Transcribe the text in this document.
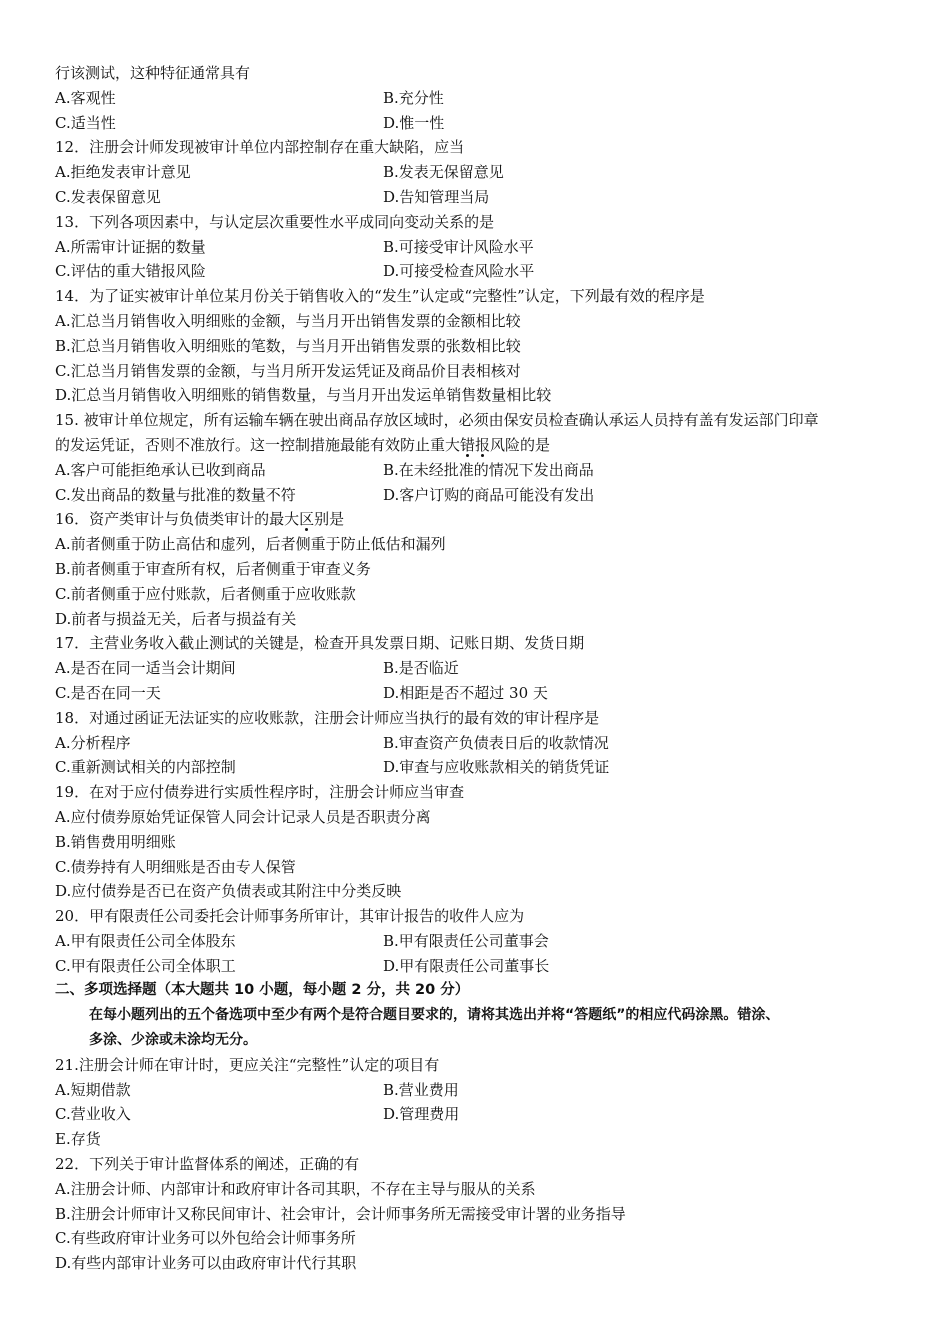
行该测试，这种特征通常具有
A.客观性	B.充分性
C.适当性	D.惟一性
12．注册会计师发现被审计单位内部控制存在重大缺陷，应当
A.拒绝发表审计意见	B.发表无保留意见
C.发表保留意见	D.告知管理当局
13．下列各项因素中，与认定层次重要性水平成同向变动关系的是
A.所需审计证据的数量	B.可接受审计风险水平
C.评估的重大错报风险	D.可接受检查风险水平
14．为了证实被审计单位某月份关于销售收入的“发生”认定或“完整性”认定，下列最有效的程序是
A.汇总当月销售收入明细账的金额，与当月开出销售发票的金额相比较
B.汇总当月销售收入明细账的笔数，与当月开出销售发票的张数相比较
C.汇总当月销售发票的金额，与当月所开发运凭证及商品价目表相核对
D.汇总当月销售收入明细账的销售数量，与当月开出发运单销售数量相比较
15. 被审计单位规定，所有运输车辆在驶出商品存放区域时，必须由保安员检查确认承运人员持有盖有发运部门印章
的发运凭证，否则不准放行。这一控制措施最能有效防止重大错报
风险的是
A.客户可能拒绝承认已收到商品	B.在未经批准的情况下发出商品
C.发出商品的数量与批准的数量不符	D.客户订购的商品可能没有发出
16．资产类审计与负债类审计的最大区
别是
A.前者侧重于防止高估和虚列，后者侧重于防止低估和漏列
B.前者侧重于审查所有权，后者侧重于审查义务
C.前者侧重于应付账款，后者侧重于应收账款
D.前者与损益无关，后者与损益有关
17．主营业务收入截止测试的关键是，检查开具发票日期、记账日期、发货日期
A.是否在同一适当会计期间	B.是否临近
C.是否在同一天	D.相距是否不超过 30 天
18．对通过函证无法证实的应收账款，注册会计师应当执行的最有效的审计程序是
A.分析程序	B.审查资产负债表日后的收款情况
C.重新测试相关的内部控制	D.审查与应收账款相关的销货凭证
19．在对于应付债券进行实质性程序时，注册会计师应当审查
A.应付债券原始凭证保管人同会计记录人员是否职责分离
B.销售费用明细账
C.债券持有人明细账是否由专人保管
D.应付债券是否已在资产负债表或其附注中分类反映
20．甲有限责任公司委托会计师事务所审计，其审计报告的收件人应为
A.甲有限责任公司全体股东	B.甲有限责任公司董事会
C.甲有限责任公司全体职工	D.甲有限责任公司董事长
二、多项选择题（本大题共 10 小题，每小题 2 分，共 20 分）
在每小题列出的五个备选项中至少有两个是符合题目要求的，请将其选出并将“答题纸”的相应代码涂黑。错涂、
多涂、少涂或未涂均无分。
21.注册会计师在审计时，更应关注“完整性”认定的项目有
A.短期借款	B.营业费用
C.营业收入	D.管理费用
E.存货
22．下列关于审计监督体系的阐述，正确的有
A.注册会计师、内部审计和政府审计各司其职，不存在主导与服从的关系
B.注册会计师审计又称民间审计、社会审计，会计师事务所无需接受审计署的业务指导
C.有些政府审计业务可以外包给会计师事务所
D.有些内部审计业务可以由政府审计代行其职
